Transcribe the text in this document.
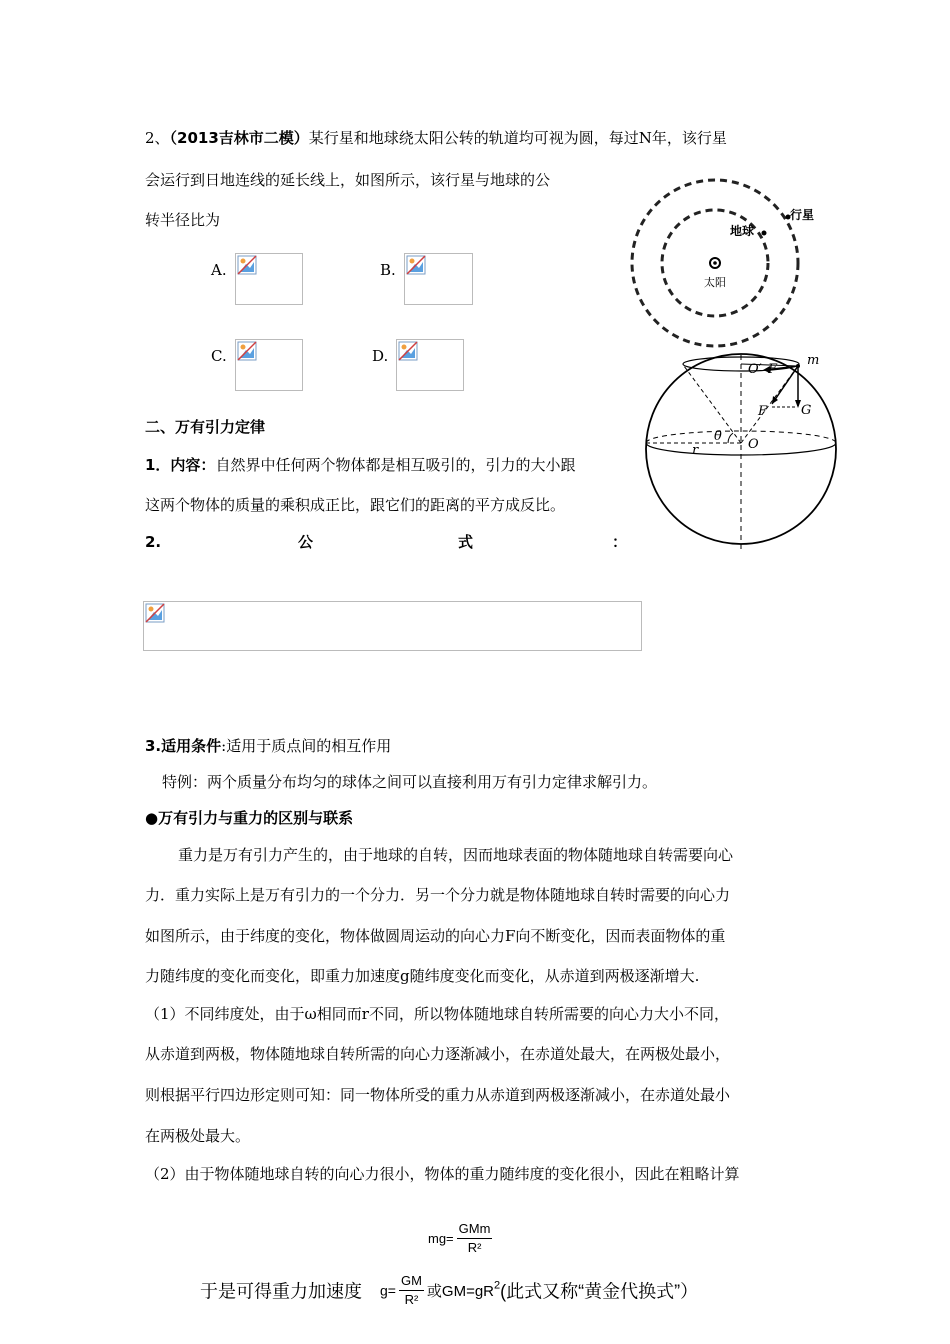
2、（2013吉林市二模）某行星和地球绕太阳公转的轨道均可视为圆，每过N年，该行星
会运行到日地连线的延长线上，如图所示，该行星与地球的公
转半径比为
A.	B.
C.	D.
地球
行星
太阳
m
O′ F
F	G
θ
O
r
二、万有引力定律
1．内容：自然界中任何两个物体都是相互吸引的，引力的大小跟
这两个物体的质量的乘积成正比，跟它们的距离的平方成反比。
2.	公	式	：
3.适用条件:适用于质点间的相互作用
特例：两个质量分布均匀的球体之间可以直接利用万有引力定律求解引力。
●万有引力与重力的区别与联系
重力是万有引力产生的，由于地球的自转，因而地球表面的物体随地球自转需要向心
力．重力实际上是万有引力的一个分力．另一个分力就是物体随地球自转时需要的向心力
如图所示，由于纬度的变化，物体做圆周运动的向心力F向不断变化，因而表面物体的重
力随纬度的变化而变化，即重力加速度g随纬度变化而变化，从赤道到两极逐渐增大.
（1）不同纬度处，由于ω相同而r不同，所以物体随地球自转所需要的向心力大小不同，
从赤道到两极，物体随地球自转所需的向心力逐渐减小，在赤道处最大，在两极处最小，
则根据平行四边形定则可知：同一物体所受的重力从赤道到两极逐渐减小，在赤道处最小
在两极处最大。
（2）由于物体随地球自转的向心力很小，物体的重力随纬度的变化很小，因此在粗略计算
$mg= \frac{\text{GMm}}{\text{R²}}$
于是可得重力加速度 $g= \frac{GM}{\text{R²}}$ 或$GM=gR^2$(此式又称“黄金代换式”）
